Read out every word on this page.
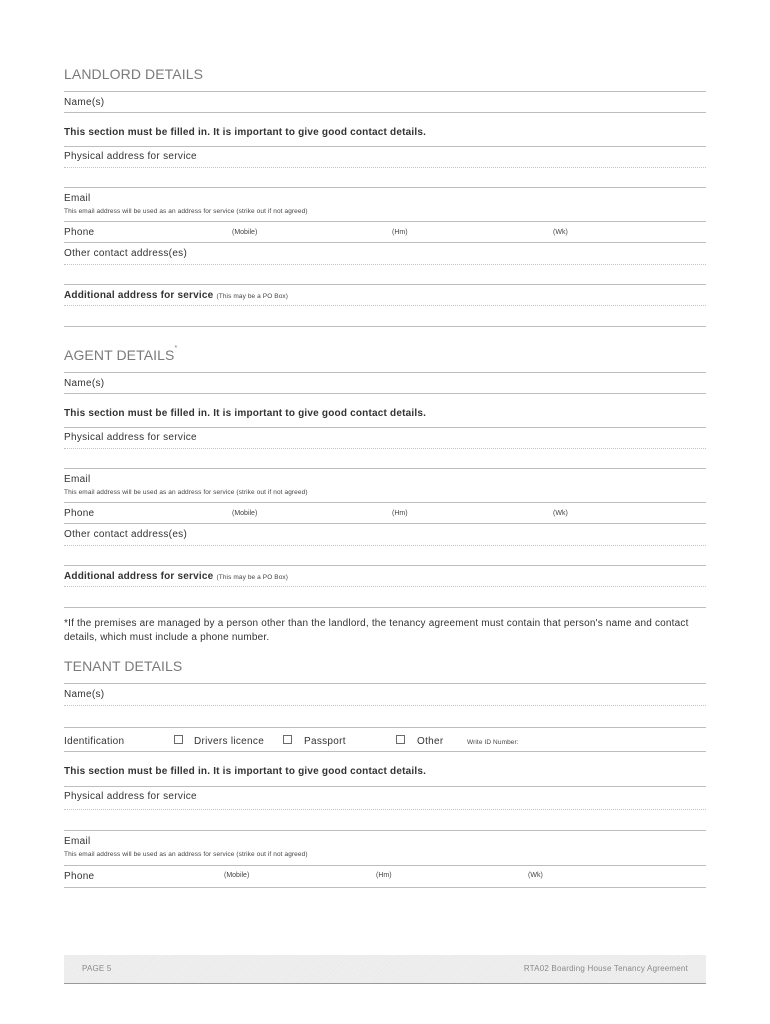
LANDLORD DETAILS
Name(s)
This section must be filled in. It is important to give good contact details.
Physical address for service
Email
This email address will be used as an address for service (strike out if not agreed)
Phone	(Mobile)	(Hm)	(Wk)
Other contact address(es)
Additional address for service (This may be a PO Box)
AGENT DETAILS*
Name(s)
This section must be filled in. It is important to give good contact details.
Physical address for service
Email
This email address will be used as an address for service (strike out if not agreed)
Phone	(Mobile)	(Hm)	(Wk)
Other contact address(es)
Additional address for service (This may be a PO Box)
*If the premises are managed by a person other than the landlord, the tenancy agreement must contain that person's name and contact details, which must include a phone number.
TENANT DETAILS
Name(s)
Identification	Drivers licence	Passport	Other	Write ID Number:
This section must be filled in. It is important to give good contact details.
Physical address for service
Email
This email address will be used as an address for service (strike out if not agreed)
Phone	(Mobile)	(Hm)	(Wk)
PAGE 5	RTA02 Boarding House Tenancy Agreement
